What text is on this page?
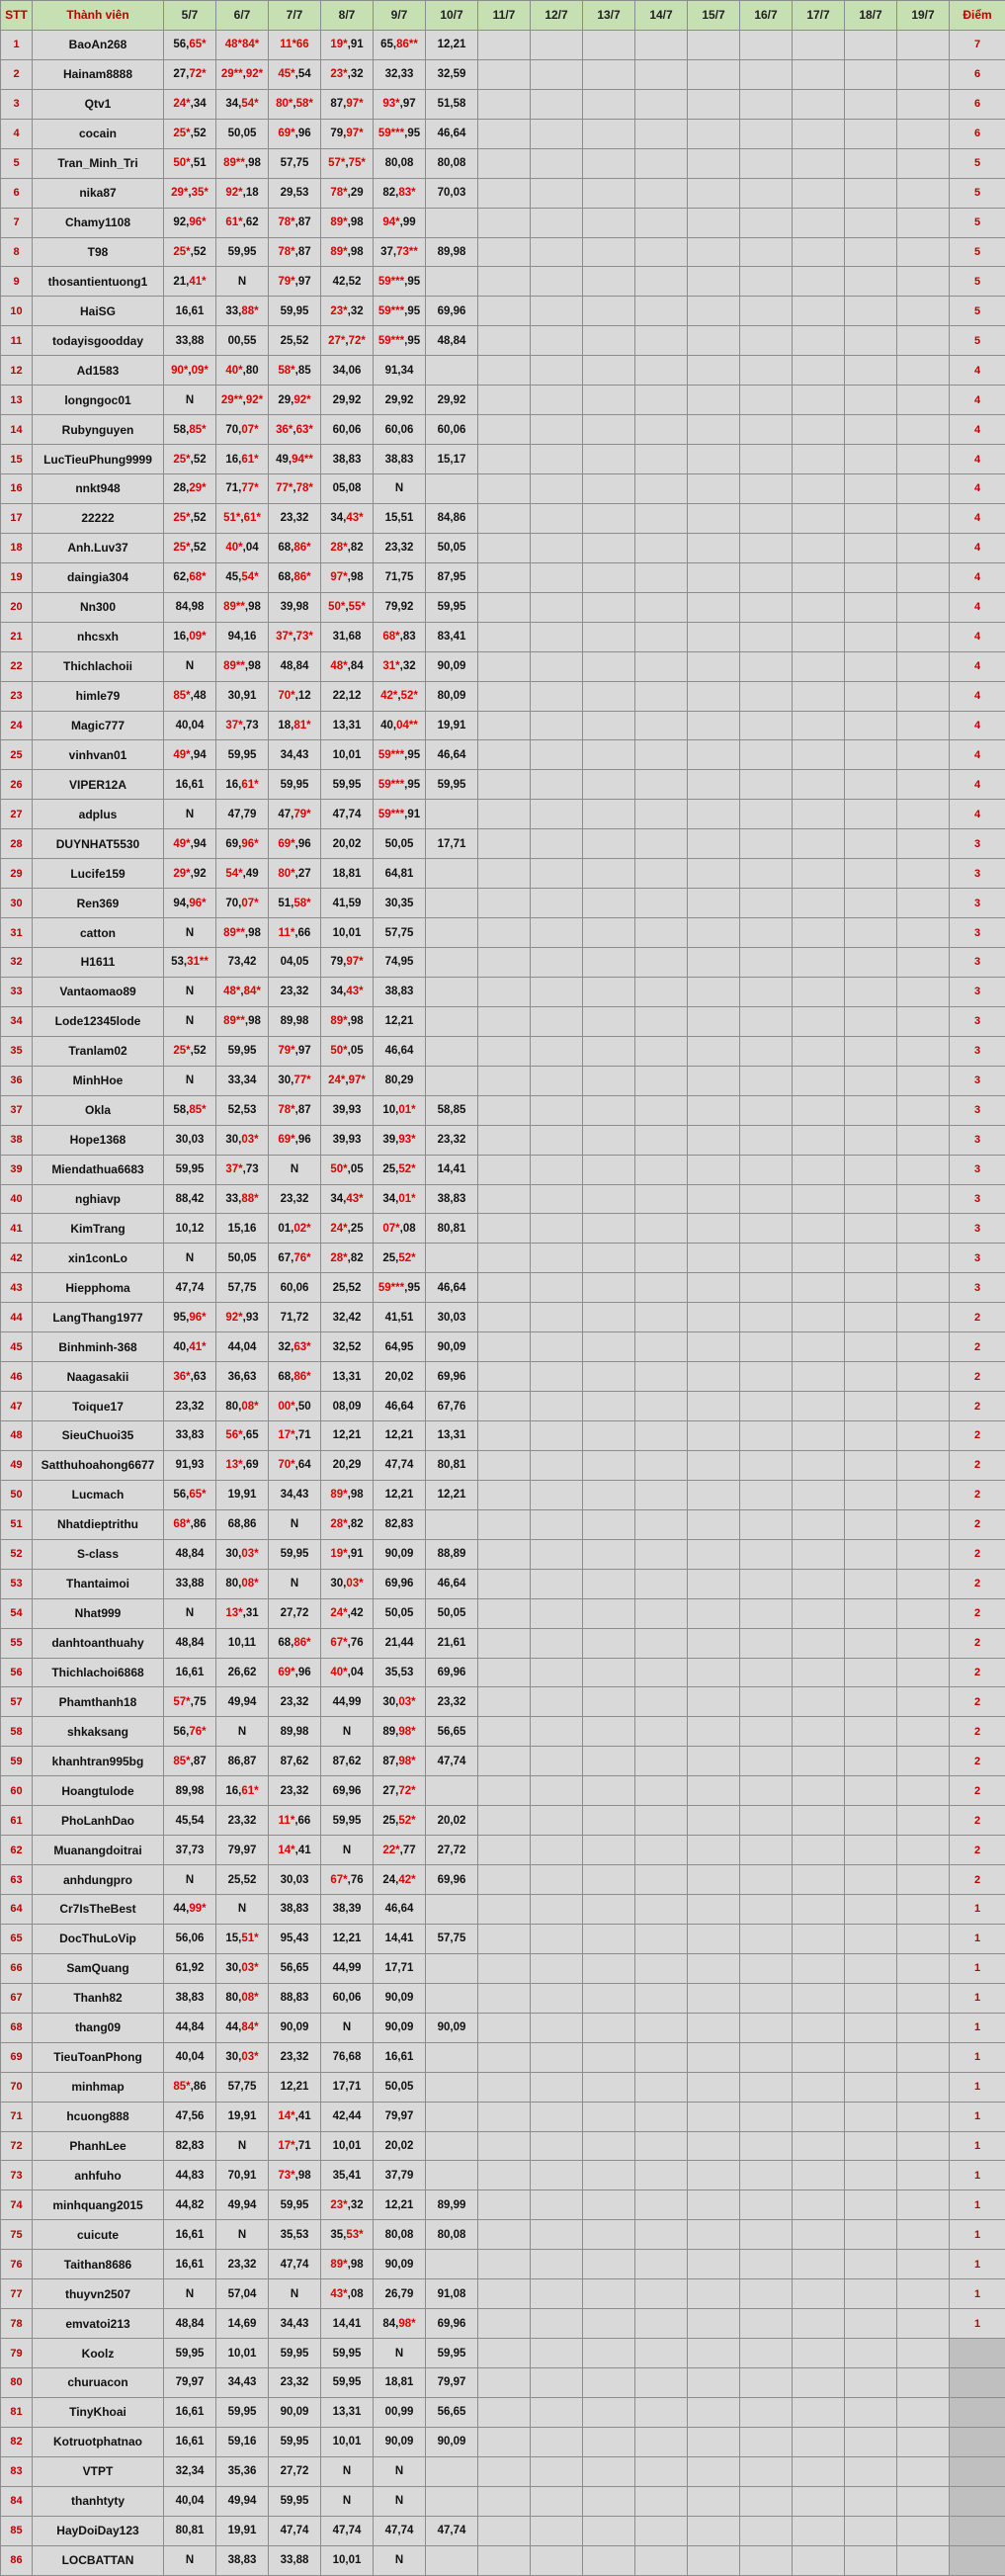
STT	Thành viên	5/7	6/7	7/7	8/7	9/7	10/7	11/7	12/7	13/7	14/7	15/7	16/7	17/7	18/7	19/7	Điểm
1	BaoAn268	56,65*	48*84*	11*66	19*,91	65,86**	12,21										7
2	Hainam8888	27,72*	29**,92*	45*,54	23*,32	32,33	32,59										6
3	Qtv1	24*,34	34,54*	80*,58*	87,97*	93*,97	51,58										6
4	cocain	25*,52	50,05	69*,96	79,97*	59***,95	46,64										6
5	Tran_Minh_Tri	50*,51	89**,98	57,75	57*,75*	80,08	80,08										5
6	nika87	29*,35*	92*,18	29,53	78*,29	82,83*	70,03										5
7	Chamy1108	92,96*	61*,62	78*,87	89*,98	94*,99											5
8	T98	25*,52	59,95	78*,87	89*,98	37,73**	89,98										5
9	thosantientuong1	21,41*	N	79*,97	42,52	59***,95											5
10	HaiSG	16,61	33,88*	59,95	23*,32	59***,95	69,96										5
11	todayisgoodday	33,88	00,55	25,52	27*,72*	59***,95	48,84										5
12	Ad1583	90*,09*	40*,80	58*,85	34,06	91,34											4
13	longngoc01	N	29**,92*	29,92*	29,92	29,92	29,92										4
14	Rubynguyen	58,85*	70,07*	36*,63*	60,06	60,06	60,06										4
15	LucTieuPhung9999	25*,52	16,61*	49,94**	38,83	38,83	15,17										4
16	nnkt948	28,29*	71,77*	77*,78*	05,08	N											4
17	22222	25*,52	51*,61*	23,32	34,43*	15,51	84,86										4
18	Anh.Luv37	25*,52	40*,04	68,86*	28*,82	23,32	50,05										4
19	daingia304	62,68*	45,54*	68,86*	97*,98	71,75	87,95										4
20	Nn300	84,98	89**,98	39,98	50*,55*	79,92	59,95										4
21	nhcsxh	16,09*	94,16	37*,73*	31,68	68*,83	83,41										4
22	Thichlachoii	N	89**,98	48,84	48*,84	31*,32	90,09										4
23	himle79	85*,48	30,91	70*,12	22,12	42*,52*	80,09										4
24	Magic777	40,04	37*,73	18,81*	13,31	40,04**	19,91										4
25	vinhvan01	49*,94	59,95	34,43	10,01	59***,95	46,64										4
26	VIPER12A	16,61	16,61*	59,95	59,95	59***,95	59,95										4
27	adplus	N	47,79	47,79*	47,74	59***,91											4
28	DUYNHAT5530	49*,94	69,96*	69*,96	20,02	50,05	17,71										3
29	Lucife159	29*,92	54*,49	80*,27	18,81	64,81											3
30	Ren369	94,96*	70,07*	51,58*	41,59	30,35											3
31	catton	N	89**,98	11*,66	10,01	57,75											3
32	H1611	53,31**	73,42	04,05	79,97*	74,95											3
33	Vantaomao89	N	48*,84*	23,32	34,43*	38,83											3
34	Lode12345lode	N	89**,98	89,98	89*,98	12,21											3
35	Tranlam02	25*,52	59,95	79*,97	50*,05	46,64											3
36	MinhHoe	N	33,34	30,77*	24*,97*	80,29											3
37	Okla	58,85*	52,53	78*,87	39,93	10,01*	58,85										3
38	Hope1368	30,03	30,03*	69*,96	39,93	39,93*	23,32										3
39	Miendathua6683	59,95	37*,73	N	50*,05	25,52*	14,41										3
40	nghiavp	88,42	33,88*	23,32	34,43*	34,01*	38,83										3
41	KimTrang	10,12	15,16	01,02*	24*,25	07*,08	80,81										3
42	xin1conLo	N	50,05	67,76*	28*,82	25,52*											3
43	Hiepphoma	47,74	57,75	60,06	25,52	59***,95	46,64										3
44	LangThang1977	95,96*	92*,93	71,72	32,42	41,51	30,03										2
45	Binhminh-368	40,41*	44,04	32,63*	32,52	64,95	90,09										2
46	Naagasakii	36*,63	36,63	68,86*	13,31	20,02	69,96										2
47	Toique17	23,32	80,08*	00*,50	08,09	46,64	67,76										2
48	SieuChuoi35	33,83	56*,65	17*,71	12,21	12,21	13,31										2
49	Satthuhoahong6677	91,93	13*,69	70*,64	20,29	47,74	80,81										2
50	Lucmach	56,65*	19,91	34,43	89*,98	12,21	12,21										2
51	Nhatdieptrithu	68*,86	68,86	N	28*,82	82,83											2
52	S-class	48,84	30,03*	59,95	19*,91	90,09	88,89										2
53	Thantaimoi	33,88	80,08*	N	30,03*	69,96	46,64										2
54	Nhat999	N	13*,31	27,72	24*,42	50,05	50,05										2
55	danhtoanthuahy	48,84	10,11	68,86*	67*,76	21,44	21,61										2
56	Thichlachoi6868	16,61	26,62	69*,96	40*,04	35,53	69,96										2
57	Phamthanh18	57*,75	49,94	23,32	44,99	30,03*	23,32										2
58	shkaksang	56,76*	N	89,98	N	89,98*	56,65										2
59	khanhtran995bg	85*,87	86,87	87,62	87,62	87,98*	47,74										2
60	Hoangtulode	89,98	16,61*	23,32	69,96	27,72*											2
61	PhoLanhDao	45,54	23,32	11*,66	59,95	25,52*	20,02										2
62	Muanangdoitrai	37,73	79,97	14*,41	N	22*,77	27,72										2
63	anhdungpro	N	25,52	30,03	67*,76	24,42*	69,96										2
64	Cr7IsTheBest	44,99*	N	38,83	38,39	46,64											1
65	DocThuLoVip	56,06	15,51*	95,43	12,21	14,41	57,75										1
66	SamQuang	61,92	30,03*	56,65	44,99	17,71											1
67	Thanh82	38,83	80,08*	88,83	60,06	90,09											1
68	thang09	44,84	44,84*	90,09	N	90,09	90,09										1
69	TieuToanPhong	40,04	30,03*	23,32	76,68	16,61											1
70	minhmap	85*,86	57,75	12,21	17,71	50,05											1
71	hcuong888	47,56	19,91	14*,41	42,44	79,97											1
72	PhanhLee	82,83	N	17*,71	10,01	20,02											1
73	anhfuho	44,83	70,91	73*,98	35,41	37,79											1
74	minhquang2015	44,82	49,94	59,95	23*,32	12,21	89,99										1
75	cuicute	16,61	N	35,53	35,53*	80,08	80,08										1
76	Taithan8686	16,61	23,32	47,74	89*,98	90,09											1
77	thuyvn2507	N	57,04	N	43*,08	26,79	91,08										1
78	emvatoi213	48,84	14,69	34,43	14,41	84,98*	69,96										1
79	Koolz	59,95	10,01	59,95	59,95	N	59,95										
80	churuacon	79,97	34,43	23,32	59,95	18,81	79,97										
81	TinyKhoai	16,61	59,95	90,09	13,31	00,99	56,65										
82	Kotruotphatnao	16,61	59,16	59,95	10,01	90,09	90,09										
83	VTPT	32,34	35,36	27,72	N	N											
84	thanhtyty	40,04	49,94	59,95	N	N											
85	HayDoiDay123	80,81	19,91	47,74	47,74	47,74	47,74										
86	LOCBATTAN	N	38,83	33,88	10,01	N											
